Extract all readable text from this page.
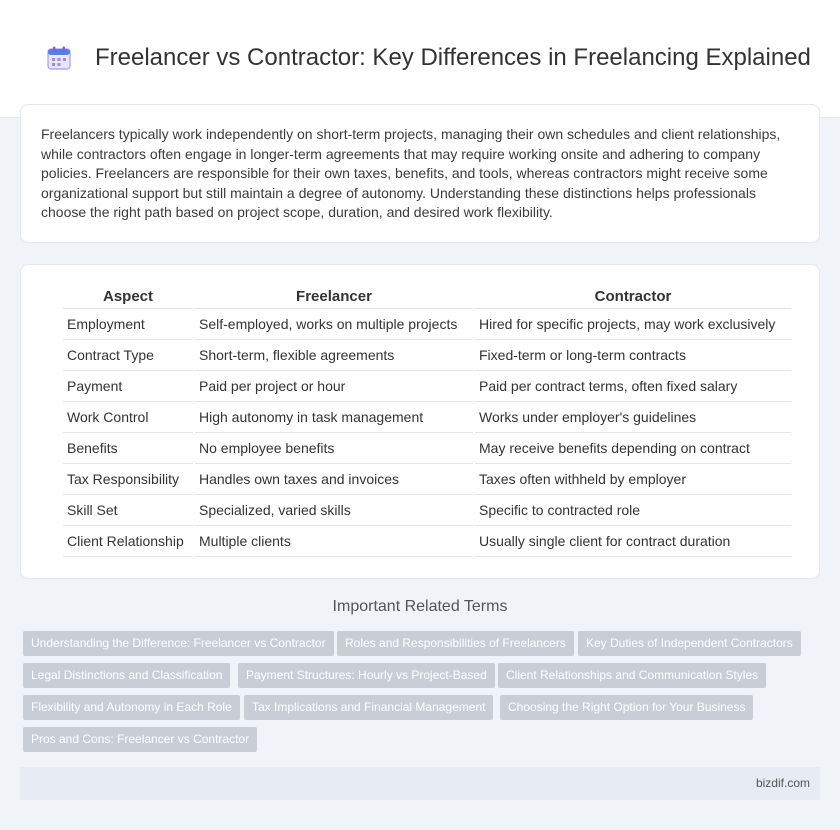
Freelancer vs Contractor: Key Differences in Freelancing Explained

Freelancers typically work independently on short-term projects, managing their own schedules and client relationships, while contractors often engage in longer-term agreements that may require working onsite and adhering to company policies. Freelancers are responsible for their own taxes, benefits, and tools, whereas contractors might receive some organizational support but still maintain a degree of autonomy. Understanding these distinctions helps professionals choose the right path based on project scope, duration, and desired work flexibility.

Aspect	Freelancer	Contractor
Employment	Self-employed, works on multiple projects	Hired for specific projects, may work exclusively
Contract Type	Short-term, flexible agreements	Fixed-term or long-term contracts
Payment	Paid per project or hour	Paid per contract terms, often fixed salary
Work Control	High autonomy in task management	Works under employer's guidelines
Benefits	No employee benefits	May receive benefits depending on contract
Tax Responsibility	Handles own taxes and invoices	Taxes often withheld by employer
Skill Set	Specialized, varied skills	Specific to contracted role
Client Relationship	Multiple clients	Usually single client for contract duration
Important Related Terms
Understanding the Difference: Freelancer vs Contractor	Roles and Responsibilities of Freelancers	Key Duties of Independent Contractors
Legal Distinctions and Classification	Payment Structures: Hourly vs Project-Based	Client Relationships and Communication Styles
Flexibility and Autonomy in Each Role	Tax Implications and Financial Management	Choosing the Right Option for Your Business
Pros and Cons: Freelancer vs Contractor
bizdif.com
